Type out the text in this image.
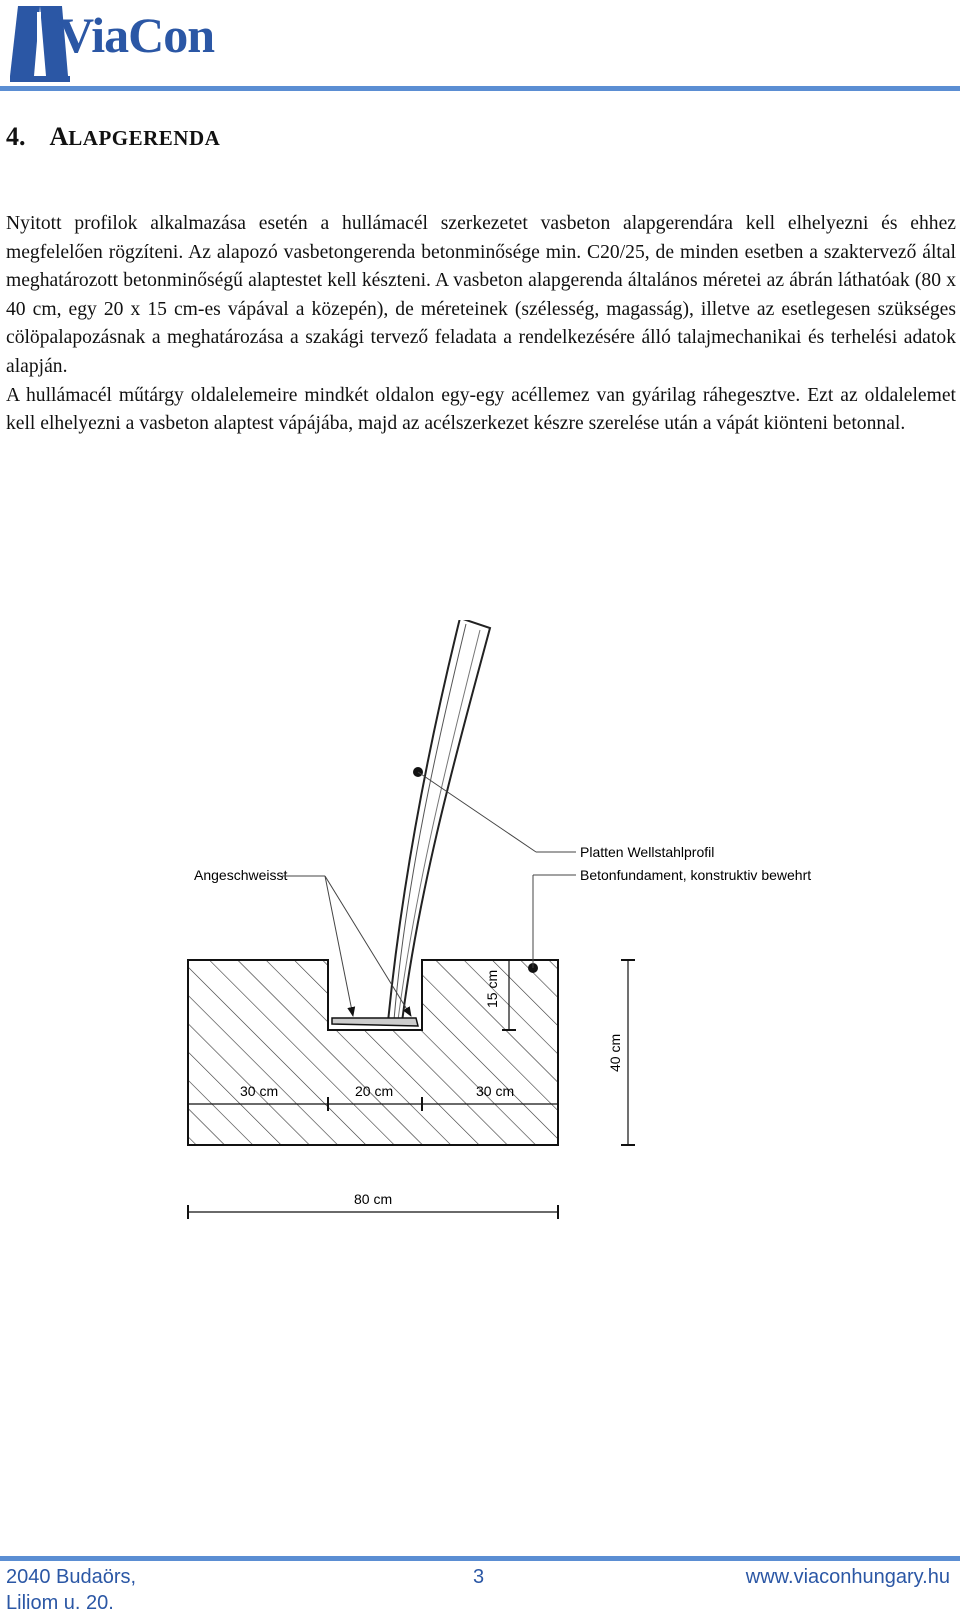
ViaCon
4. ALAPGERENDA

Nyitott profilok alkalmazása esetén a hullámacél szerkezetet vasbeton alapgerendára kell elhelyezni és ehhez megfelelően rögzíteni. Az alapozó vasbetongerenda betonminősége min. C20/25, de minden esetben a szaktervező által meghatározott betonminőségű alaptestet kell készteni. A vasbeton alapgerenda általános méretei az ábrán láthatóak (80 x 40 cm, egy 20 x 15 cm-es vápával a közepén), de méreteinek (szélesség, magasság), illetve az esetlegesen szükséges cölöpalapozásnak a meghatározása a szakági tervező feladata a rendelkezésére álló talajmechanikai és terhelési adatok alapján.

A hullámacél műtárgy oldalelemeire mindkét oldalon egy-egy acéllemez van gyárilag ráhegesztve. Ezt az oldalelemet kell elhelyezni a vasbeton alaptest vápájába, majd az acélszerkezet készre szerelése után a vápát kiönteni betonnal.

Platten Wellstahlprofil
Betonfundament, konstruktiv bewehrt
Angeschweisst
15 cm
40 cm
30 cm	20 cm	30 cm
80 cm
2040 Budaörs,
Liliom u. 20.
3	www.viaconhungary.hu
